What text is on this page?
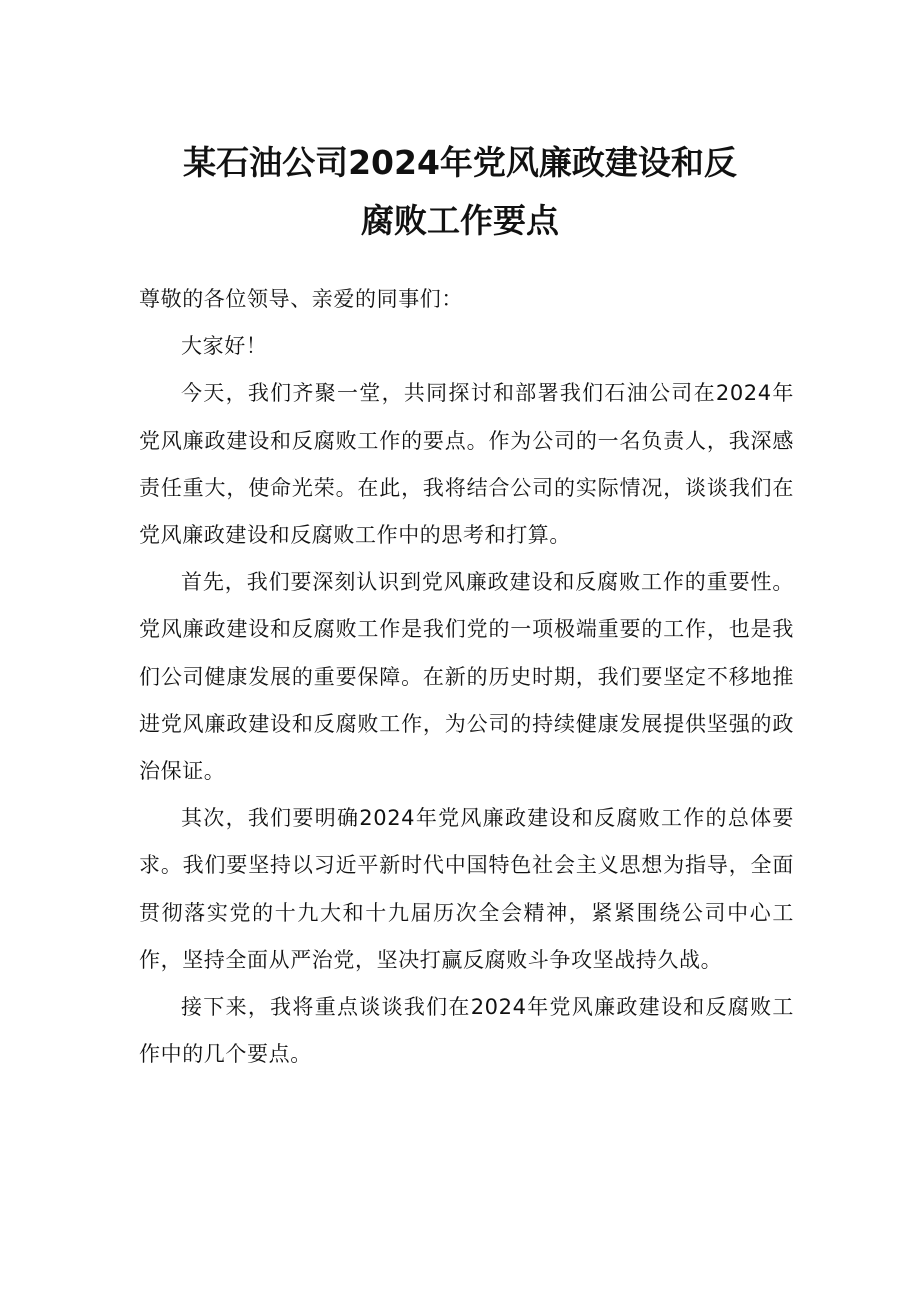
某石油公司2024年党风廉政建设和反
腐败工作要点

尊敬的各位领导、亲爱的同事们：

大家好！

今天，我们齐聚一堂，共同探讨和部署我们石油公司在2024年党风廉政建设和反腐败工作的要点。作为公司的一名负责人，我深感责任重大，使命光荣。在此，我将结合公司的实际情况，谈谈我们在党风廉政建设和反腐败工作中的思考和打算。

首先，我们要深刻认识到党风廉政建设和反腐败工作的重要性。党风廉政建设和反腐败工作是我们党的一项极端重要的工作，也是我们公司健康发展的重要保障。在新的历史时期，我们要坚定不移地推进党风廉政建设和反腐败工作，为公司的持续健康发展提供坚强的政治保证。

其次，我们要明确2024年党风廉政建设和反腐败工作的总体要求。我们要坚持以习近平新时代中国特色社会主义思想为指导，全面贯彻落实党的十九大和十九届历次全会精神，紧紧围绕公司中心工作，坚持全面从严治党，坚决打赢反腐败斗争攻坚战持久战。

接下来，我将重点谈谈我们在2024年党风廉政建设和反腐败工作中的几个要点。
